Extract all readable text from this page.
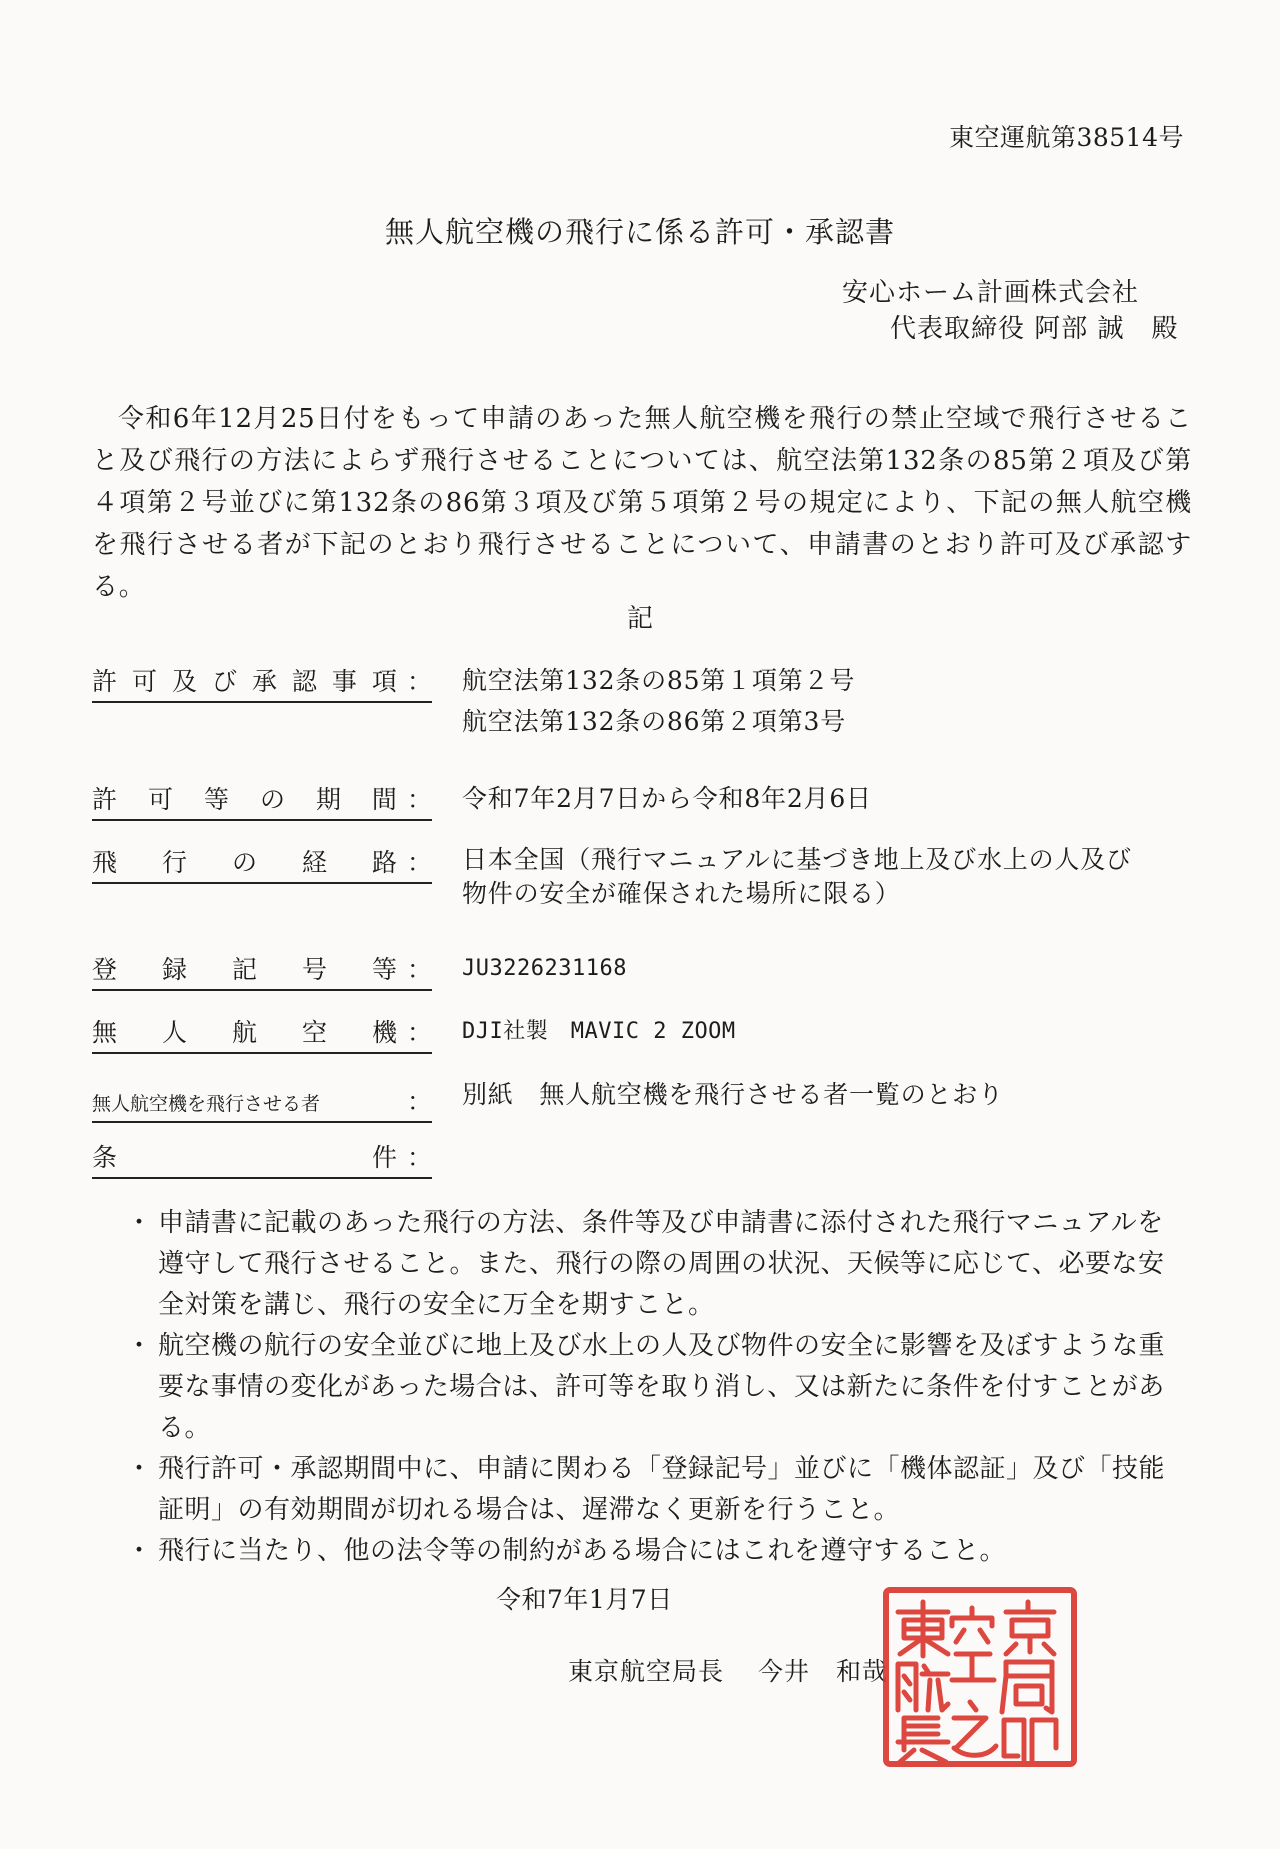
東空運航第38514号
無人航空機の飛行に係る許可・承認書
安心ホーム計画株式会社
代表取締役 阿部 誠　殿
令和6年12月25日付をもって申請のあった無人航空機を飛行の禁止空域で飛行させること及び飛行の方法によらず飛行させることについては、航空法第132条の85第２項及び第４項第２号並びに第132条の86第３項及び第５項第２号の規定により、下記の無人航空機を飛行させる者が下記のとおり飛行させることについて、申請書のとおり許可及び承認する。
記
許 可 及 び 承 認 事 項 ： 航空法第132条の85第１項第２号
航空法第132条の86第２項第3号
許 可 等 の 期 間 ： 令和7年2月7日から令和8年2月6日
飛 行 の 経 路 ： 日本全国（飛行マニュアルに基づき地上及び水上の人及び
物件の安全が確保された場所に限る）
登 録 記 号 等 ： JU3226231168
無 人 航 空 機 ： DJI社製　MAVIC 2 ZOOM
無人航空機を飛行させる者	： 別紙　無人航空機を飛行させる者一覧のとおり
条	件 ：
・ 申請書に記載のあった飛行の方法、条件等及び申請書に添付された飛行マニュアルを遵守して飛行させること。また、飛行の際の周囲の状況、天候等に応じて、必要な安全対策を講じ、飛行の安全に万全を期すこと。
・ 航空機の航行の安全並びに地上及び水上の人及び物件の安全に影響を及ぼすような重要な事情の変化があった場合は、許可等を取り消し、又は新たに条件を付すことがある。
・ 飛行許可・承認期間中に、申請に関わる「登録記号」並びに「機体認証」及び「技能証明」の有効期間が切れる場合は、遅滞なく更新を行うこと。
・ 飛行に当たり、他の法令等の制約がある場合にはこれを遵守すること。
令和7年1月7日
東京航空局長 今井　和哉
